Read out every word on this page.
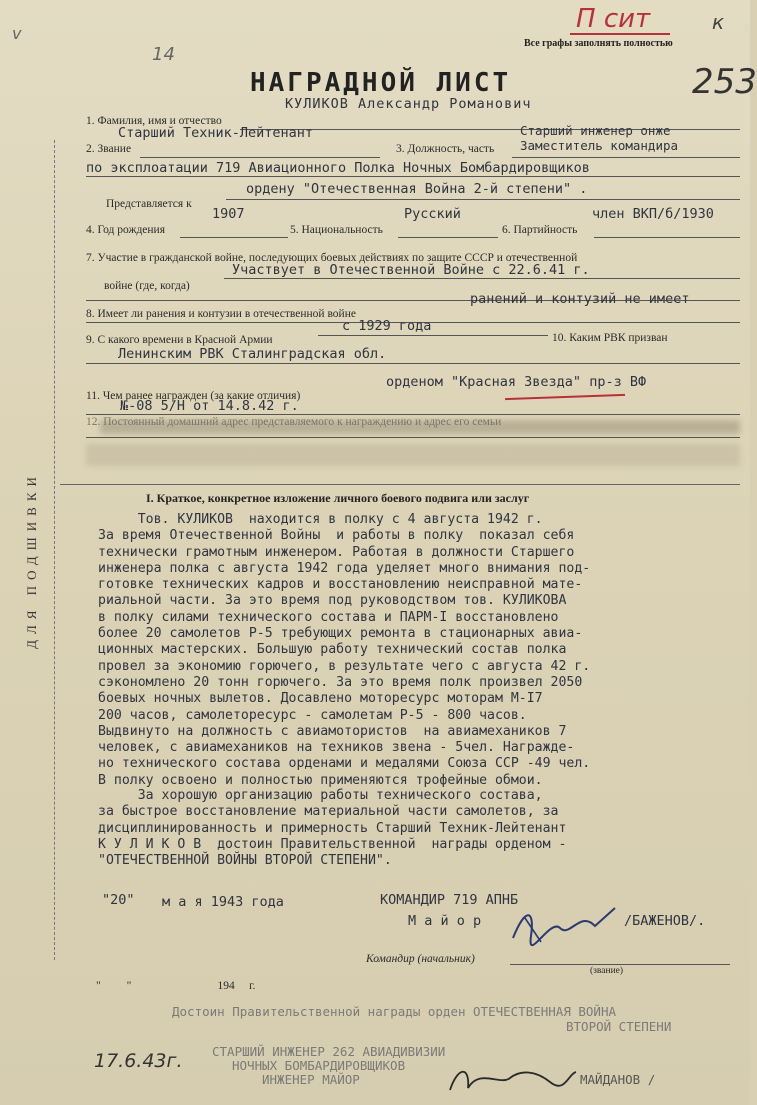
П сит	к
v
14
Все графы заполнять полностью
253
НАГРАДНОЙ ЛИСТ
КУЛИКОВ Александр Романович
1. Фамилия, имя и отчество
Старший Техник-Лейтенант	Старший инженер онже
Заместитель командира
2. Звание	3. Должность, часть
по эксплоатации 719 Авиационного Полка Ночных Бомбардировщиков
ордену "Отечественная Война 2-й степени" .
Представляется к
1907	Русский	член ВКП/б/1930
4. Год рождения	5. Национальность	6. Партийность
7. Участие в гражданской войне, последующих боевых действиях по защите СССР и отечественной
Участвует в Отечественной Войне с 22.6.41 г.
войне (где, когда)
ранений и контузий не имеет
8. Имеет ли ранения и контузии в отечественной войне
с 1929 года
9. С какого времени в Красной Армии	10. Каким РВК призван
Ленинским РВК Сталинградская обл.
орденом "Красная Звезда" пр-з ВФ
11. Чем ранее награжден (за какие отличия)
№-08 5/Н от 14.8.42 г.
12. Постоянный домашний адрес представляемого к награждению и адрес его семьи
ДЛЯ ПОДШИВКИ	I. Краткое, конкретное изложение личного боевого подвига или заслуг
Тов. КУЛИКОВ  находится в полку с 4 августа 1942 г.
За время Отечественной Войны  и работы в полку  показал себя
технически грамотным инженером. Работая в должности Старшего
инженера полка с августа 1942 года уделяет много внимания под-
готовке технических кадров и восстановлению неисправной мате-
риальной части. За это время под руководством тов. КУЛИКОВА
в полку силами технического состава и ПАРМ-I восстановлено
более 20 самолетов Р-5 требующих ремонта в стационарных авиа-
ционных мастерских. Большую работу технический состав полка
провел за экономию горючего, в результате чего с августа 42 г.
сэкономлено 20 тонн горючего. За это время полк произвел 2050
боевых ночных вылетов. Досавлено моторесурс моторам М-I7
200 часов, самолеторесурс - самолетам Р-5 - 800 часов.
Выдвинуто на должность с авиамотористов  на авиамехаников 7
человек, с авиамехаников на техников звена - 5чел. Награжде-
но технического состава орденами и медалями Союза ССР -49 чел.
В полку освоено и полностью применяются трофейные обмои.
За хорошую организацию работы технического состава,
за быстрое восстановление материальной части самолетов, за
дисциплинированность и примерность Старший Техник-Лейтенант
К У Л И К О В  достоин Правительственной  награды орденом -
"ОТЕЧЕСТВЕННОЙ ВОЙНЫ ВТОРОЙ СТЕПЕНИ".
"20" м а я 1943 года	КОМАНДИР 719 АПНБ
М а й о р	/БАЖЕНОВ/.
Командир (начальник)
(звание)
"         "                              194     г.
Достоин Правительственной награды орден ОТЕЧЕСТВЕННАЯ ВОЙНА
ВТОРОЙ СТЕПЕНИ
17.6.43г. СТАРШИЙ ИНЖЕНЕР 262 АВИАДИВИЗИИ
НОЧНЫХ БОМБАРДИРОВЩИКОВ
ИНЖЕНЕР МАЙОР	МАЙДАНОВ /
